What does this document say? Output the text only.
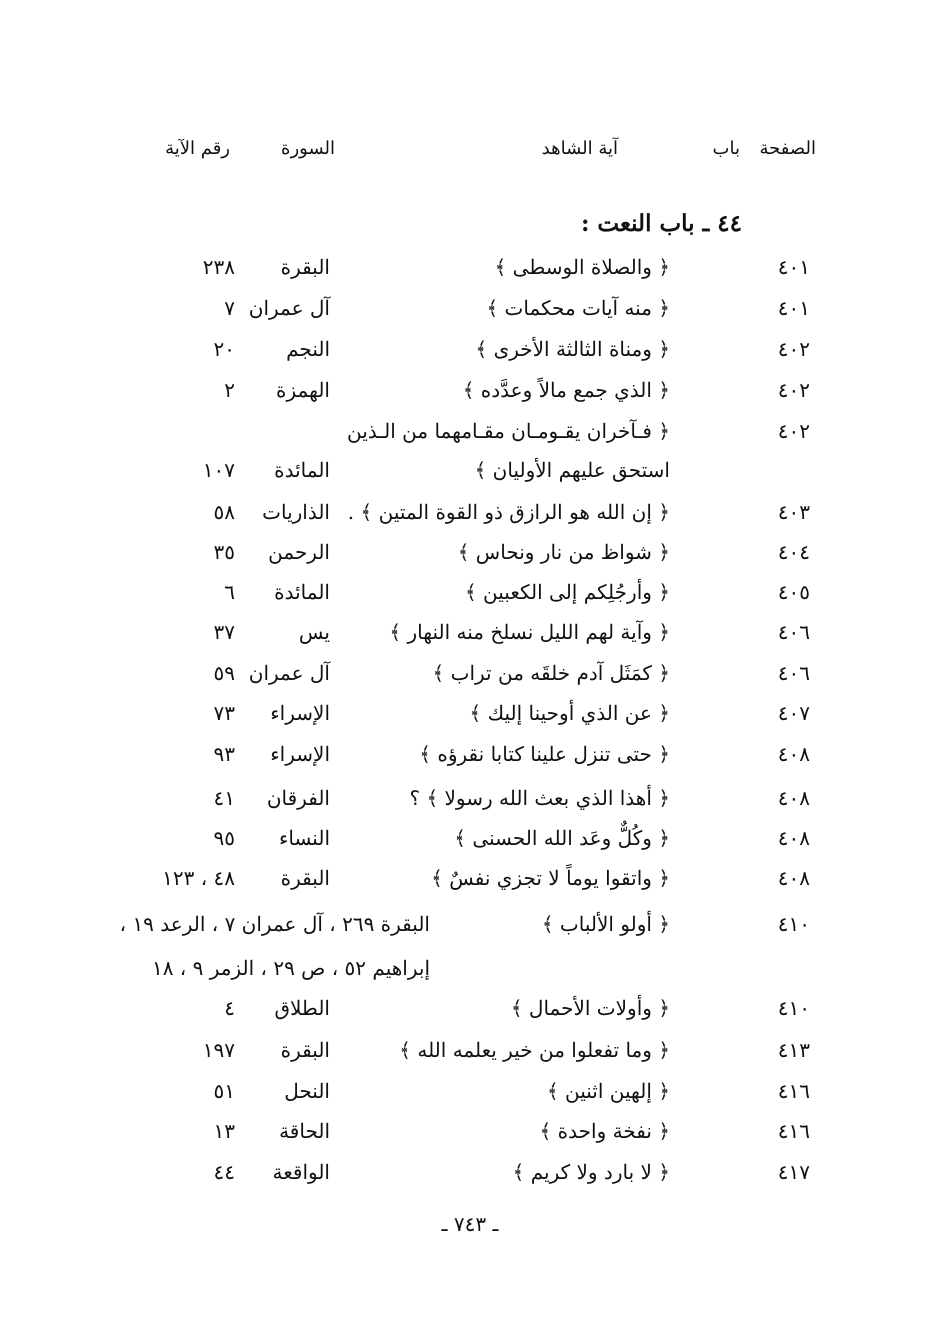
الصفحة
باب
آية الشاهد
السورة
رقم الآية
٤٤ ـ باب النعت :
٤٠١
﴿ والصلاة الوسطى ﴾
البقرة
٢٣٨
٤٠١
﴿ منه آيات محكمات ﴾
آل عمران
٧
٤٠٢
﴿ ومناة الثالثة الأخرى ﴾
النجم
٢٠
٤٠٢
﴿ الذي جمع مالاً وعدَّده ﴾
الهمزة
٢
٤٠٢
﴿ فـآخران يقـومـان مقـامهما من الـذين
استحق عليهم الأوليان ﴾
المائدة
١٠٧
٤٠٣
﴿ إن الله هو الرازق ذو القوة المتين ﴾ .
الذاريات
٥٨
٤٠٤
﴿ شواظ من نار ونحاس ﴾
الرحمن
٣٥
٤٠٥
﴿ وأرجُلِكم إلى الكعبين ﴾
المائدة
٦
٤٠٦
﴿ وآية لهم الليل نسلخ منه النهار ﴾
يس
٣٧
٤٠٦
﴿ كمَثَل آدم خلقَه من تراب ﴾
آل عمران
٥٩
٤٠٧
﴿ عن الذي أوحينا إليك ﴾
الإسراء
٧٣
٤٠٨
﴿ حتى تنزل علينا كتابا نقرؤه ﴾
الإسراء
٩٣
٤٠٨
﴿ أهذا الذي بعث الله رسولا ﴾ ؟
الفرقان
٤١
٤٠٨
﴿ وكُلٌّ وعَد الله الحسنى ﴾
النساء
٩٥
٤٠٨
﴿ واتقوا يوماً لا تجزي نفسٌ ﴾
البقرة
٤٨ ، ١٢٣
٤١٠
﴿ أولو الألباب ﴾
البقرة ٢٦٩ ، آل عمران ٧ ، الرعد ١٩ ،
إبراهيم ٥٢ ، ص ٢٩ ، الزمر ٩ ، ١٨
٤١٠
﴿ وأولات الأحمال ﴾
الطلاق
٤
٤١٣
﴿ وما تفعلوا من خير يعلمه الله ﴾
البقرة
١٩٧
٤١٦
﴿ إلهين اثنين ﴾
النحل
٥١
٤١٦
﴿ نفخة واحدة ﴾
الحاقة
١٣
٤١٧
﴿ لا بارد ولا كريم ﴾
الواقعة
٤٤
ـ ٧٤٣ ـ
